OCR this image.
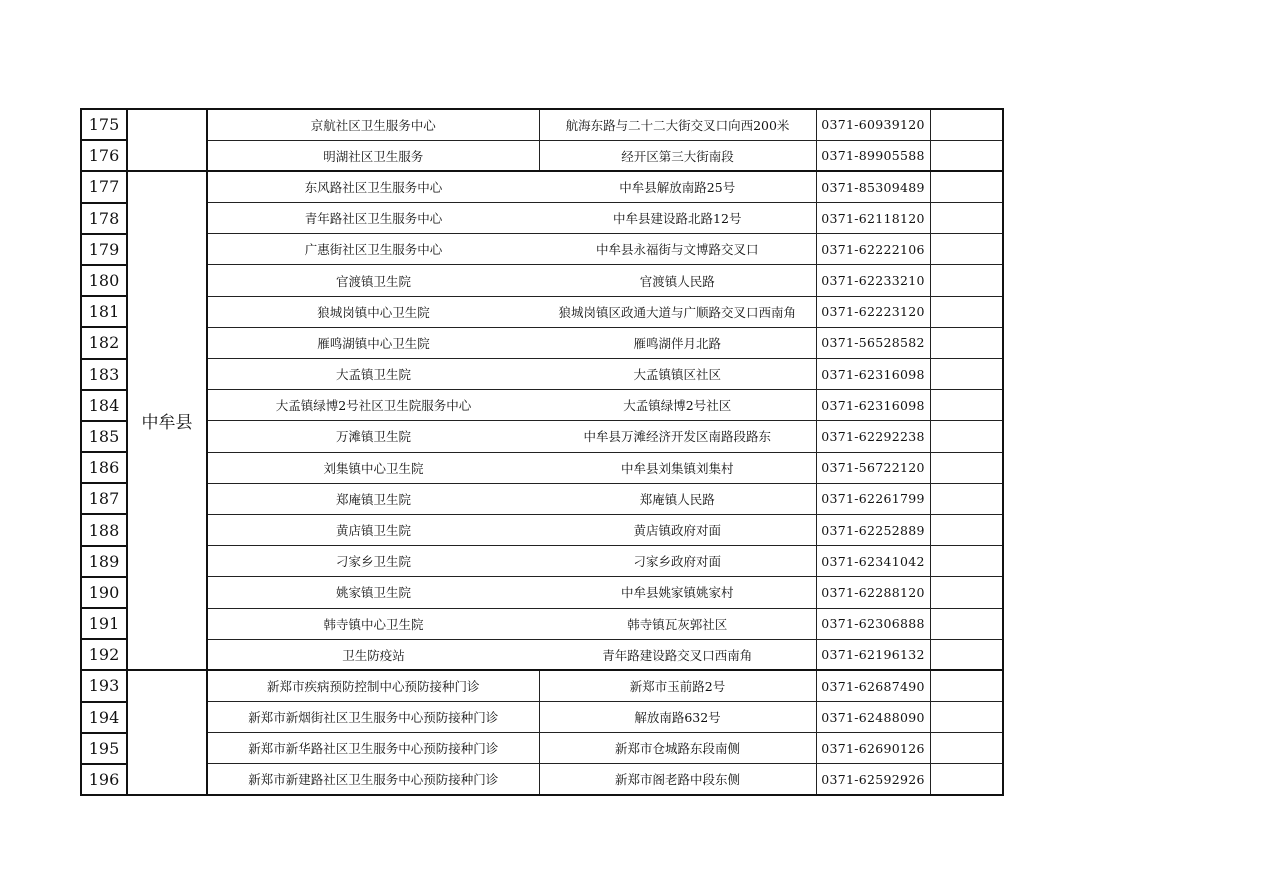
175		京航社区卫生服务中心	航海东路与二十二大街交叉口向西200米	0371-60939120	
176		明湖社区卫生服务	经开区第三大街南段	0371-89905588	
177	中牟县	东风路社区卫生服务中心	中牟县解放南路25号	0371-85309489	
178		青年路社区卫生服务中心	中牟县建设路北路12号	0371-62118120	
179		广惠街社区卫生服务中心	中牟县永福街与文博路交叉口	0371-62222106	
180		官渡镇卫生院	官渡镇人民路	0371-62233210	
181		狼城岗镇中心卫生院	狼城岗镇区政通大道与广顺路交叉口西南角	0371-62223120	
182		雁鸣湖镇中心卫生院	雁鸣湖伴月北路	0371-56528582	
183		大孟镇卫生院	大孟镇镇区社区	0371-62316098	
184		大孟镇绿博2号社区卫生院服务中心	大孟镇绿博2号社区	0371-62316098	
185		万滩镇卫生院	中牟县万滩经济开发区南路段路东	0371-62292238	
186		刘集镇中心卫生院	中牟县刘集镇刘集村	0371-56722120	
187		郑庵镇卫生院	郑庵镇人民路	0371-62261799	
188		黄店镇卫生院	黄店镇政府对面	0371-62252889	
189		刁家乡卫生院	刁家乡政府对面	0371-62341042	
190		姚家镇卫生院	中牟县姚家镇姚家村	0371-62288120	
191		韩寺镇中心卫生院	韩寺镇瓦灰郭社区	0371-62306888	
192		卫生防疫站	青年路建设路交叉口西南角	0371-62196132	
193		新郑市疾病预防控制中心预防接种门诊	新郑市玉前路2号	0371-62687490	
194		新郑市新烟街社区卫生服务中心预防接种门诊	解放南路632号	0371-62488090	
195		新郑市新华路社区卫生服务中心预防接种门诊	新郑市仓城路东段南侧	0371-62690126	
196		新郑市新建路社区卫生服务中心预防接种门诊	新郑市阁老路中段东侧	0371-62592926	
